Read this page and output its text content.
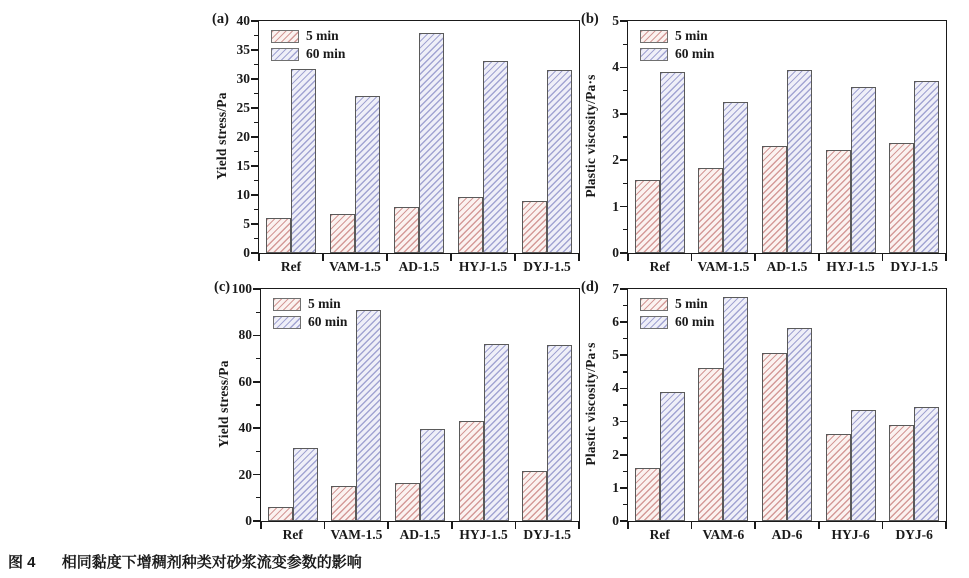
0
5
10
15
20
25
30
35
40
Ref VAM-1.5 AD-1.5 HYJ-1.5 DYJ-1.5
(a)
Yield stress/Pa
5 min
60 min
0
1
2
3
4
5
Ref VAM-1.5 AD-1.5 HYJ-1.5 DYJ-1.5
(b)
Plastic viscosity/Pa·s
5 min
60 min
0
20
40
60
80
100
Ref VAM-1.5 AD-1.5 HYJ-1.5 DYJ-1.5
(c)
Yield stress/Pa
5 min
60 min
0
1
2
3
4
5
6
7
Ref VAM-6 AD-6 HYJ-6 DYJ-6
(d)
Plastic viscosity/Pa·s
5 min
60 min
图 4 相同黏度下增稠剂种类对砂浆流变参数的影响
